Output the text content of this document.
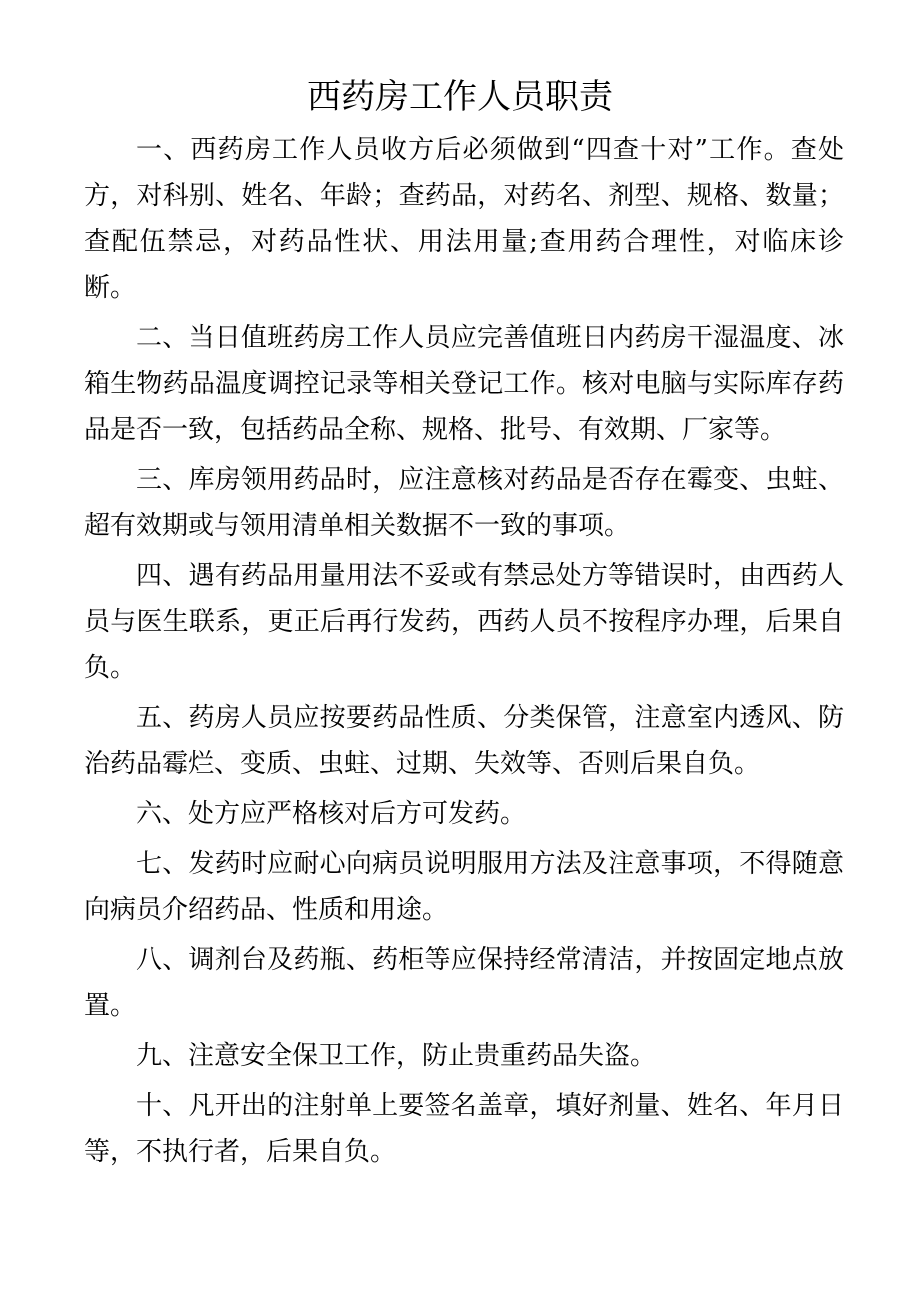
西药房工作人员职责

一、西药房工作人员收方后必须做到“四查十对”工作。查处方，对科别、姓名、年龄；查药品，对药名、剂型、规格、数量；查配伍禁忌，对药品性状、用法用量;查用药合理性，对临床诊断。

二、当日值班药房工作人员应完善值班日内药房干湿温度、冰箱生物药品温度调控记录等相关登记工作。核对电脑与实际库存药品是否一致，包括药品全称、规格、批号、有效期、厂家等。

三、库房领用药品时，应注意核对药品是否存在霉变、虫蛀、超有效期或与领用清单相关数据不一致的事项。

四、遇有药品用量用法不妥或有禁忌处方等错误时，由西药人员与医生联系，更正后再行发药，西药人员不按程序办理，后果自负。

五、药房人员应按要药品性质、分类保管，注意室内透风、防治药品霉烂、变质、虫蛀、过期、失效等、否则后果自负。

六、处方应严格核对后方可发药。

七、发药时应耐心向病员说明服用方法及注意事项，不得随意向病员介绍药品、性质和用途。

八、调剂台及药瓶、药柜等应保持经常清洁，并按固定地点放置。

九、注意安全保卫工作，防止贵重药品失盗。

十、凡开出的注射单上要签名盖章，填好剂量、姓名、年月日等，不执行者，后果自负。
